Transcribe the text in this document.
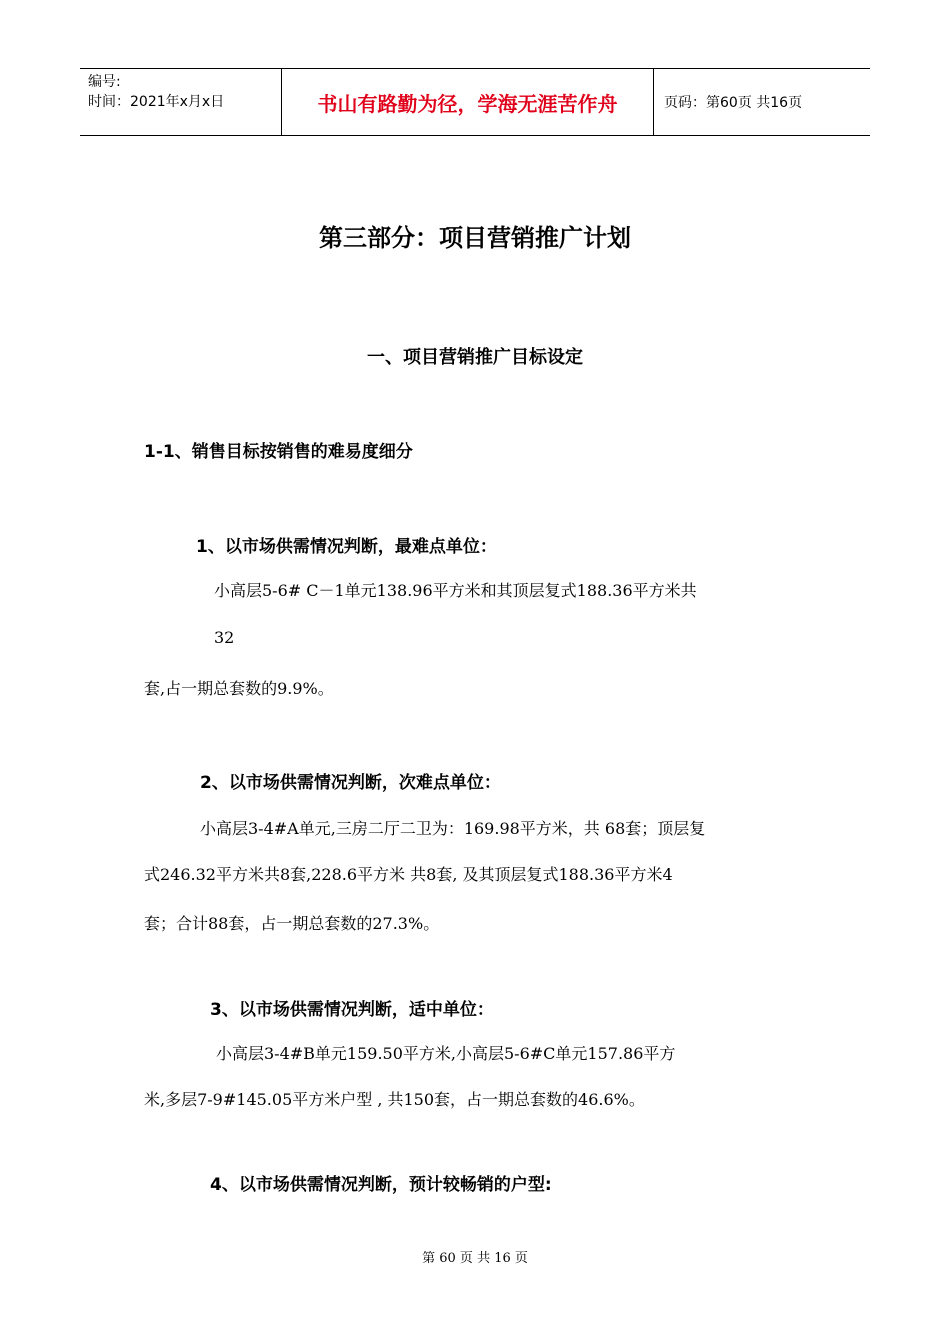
编号:
时间：2021年x月x日	书山有路勤为径，学海无涯苦作舟	页码：第60页 共16页
第三部分：项目营销推广计划
一、项目营销推广目标设定
1-1、销售目标按销售的难易度细分
1、以市场供需情况判断，最难点单位：
小高层5-6# C－1单元138.96平方米和其顶层复式188.36平方米共
32
套,占一期总套数的9.9%。
2、以市场供需情况判断，次难点单位：
小高层3-4#A单元,三房二厅二卫为：169.98平方米，共 68套；顶层复
式246.32平方米共8套,228.6平方米 共8套, 及其顶层复式188.36平方米4
套；合计88套，占一期总套数的27.3%。
3、以市场供需情况判断，适中单位：
小高层3-4#B单元159.50平方米,小高层5-6#C单元157.86平方
米,多层7-9#145.05平方米户型 , 共150套，占一期总套数的46.6%。
4、以市场供需情况判断，预计较畅销的户型:
第 60 页 共 16 页
